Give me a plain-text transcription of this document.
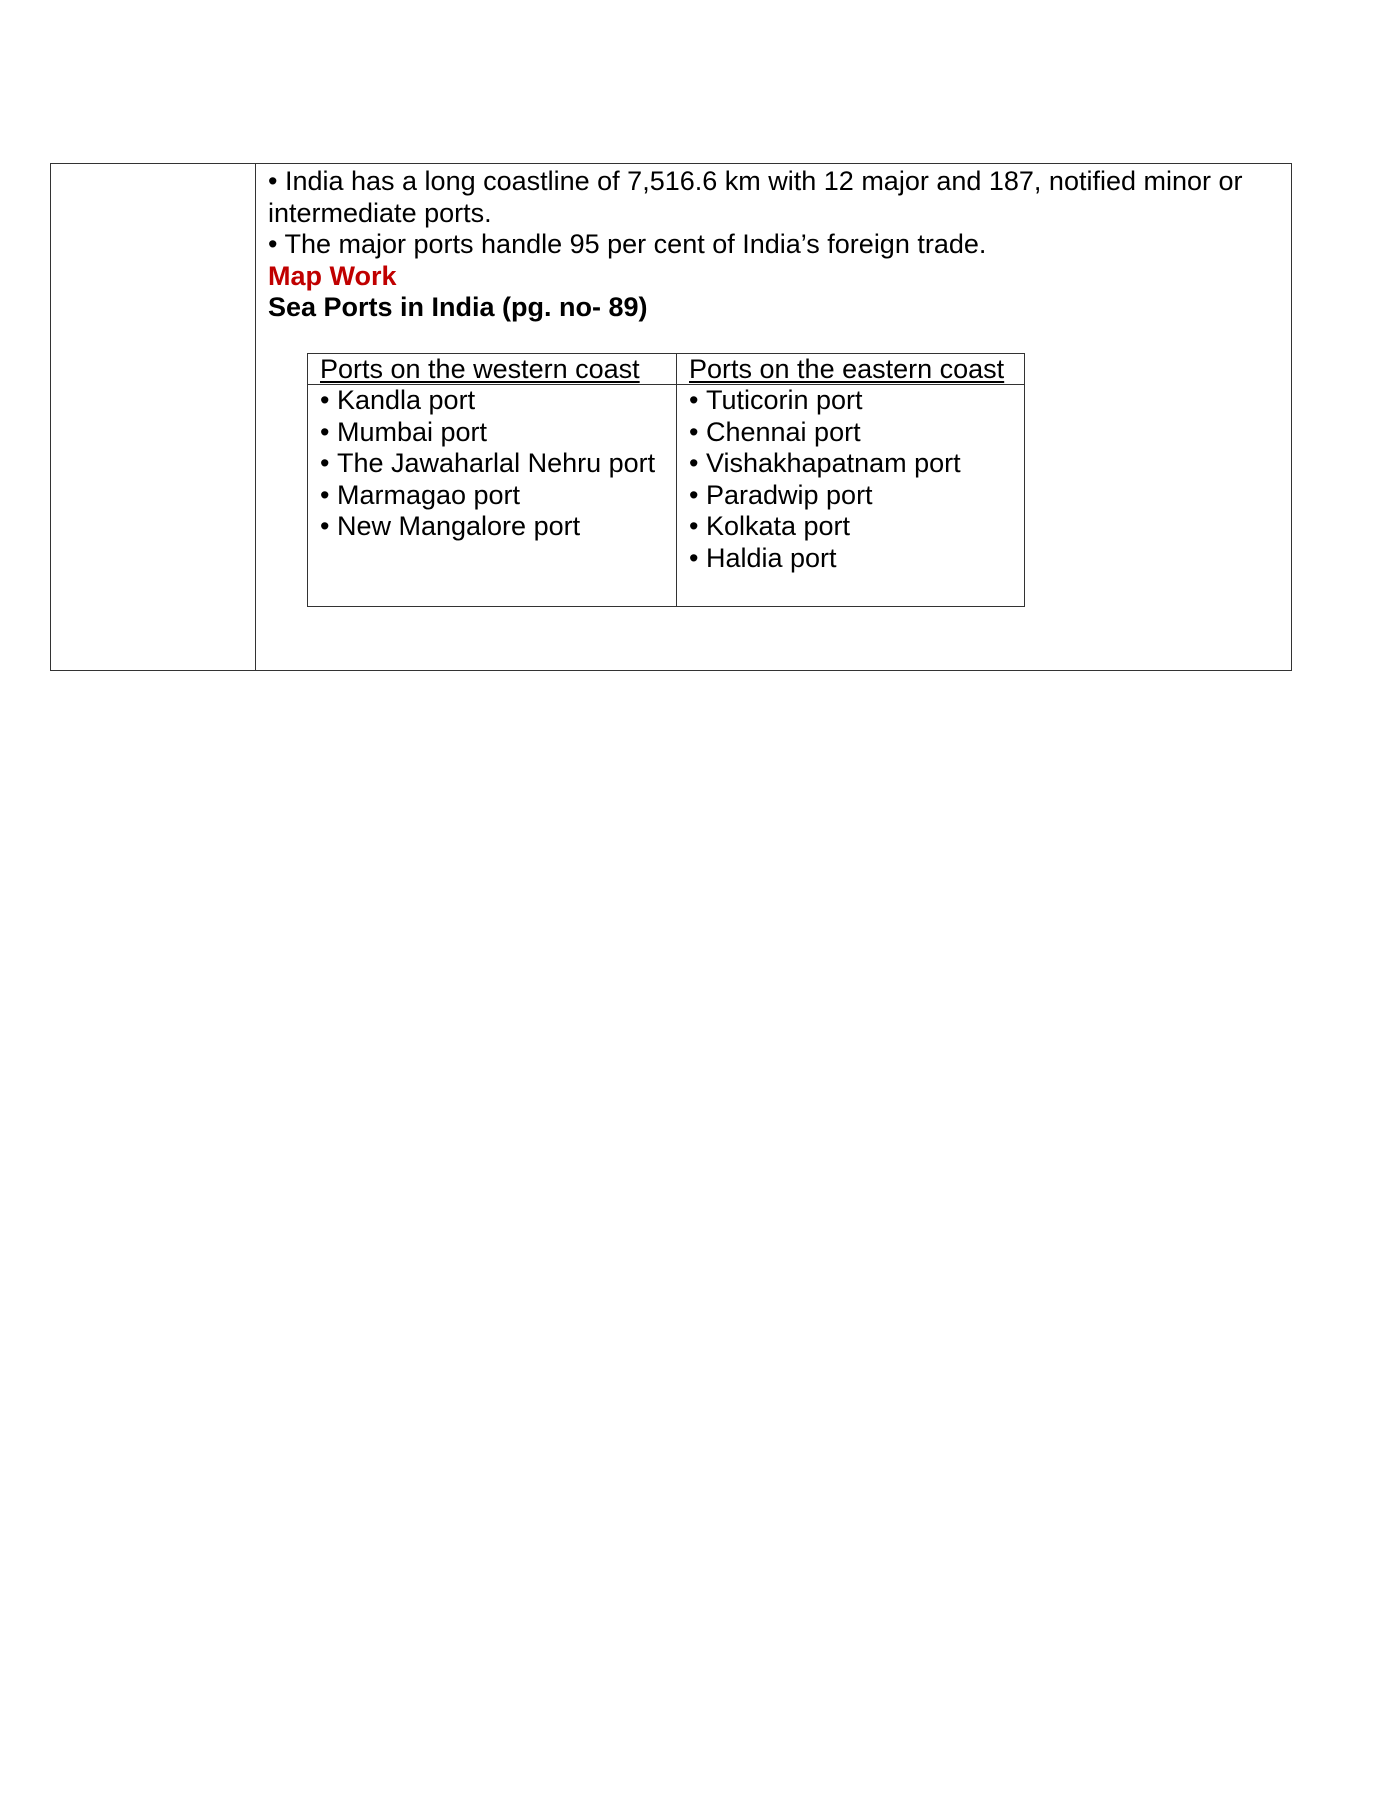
• India has a long coastline of 7,516.6 km with 12 major and 187, notified minor or
intermediate ports.
• The major ports handle 95 per cent of India’s foreign trade.
Map Work
Sea Ports in India (pg. no- 89)
Ports on the western coast
• Kandla port
• Mumbai port
• The Jawaharlal Nehru port
• Marmagao port
• New Mangalore port
Ports on the eastern coast
• Tuticorin port
• Chennai port
• Vishakhapatnam port
• Paradwip port
• Kolkata port
• Haldia port
